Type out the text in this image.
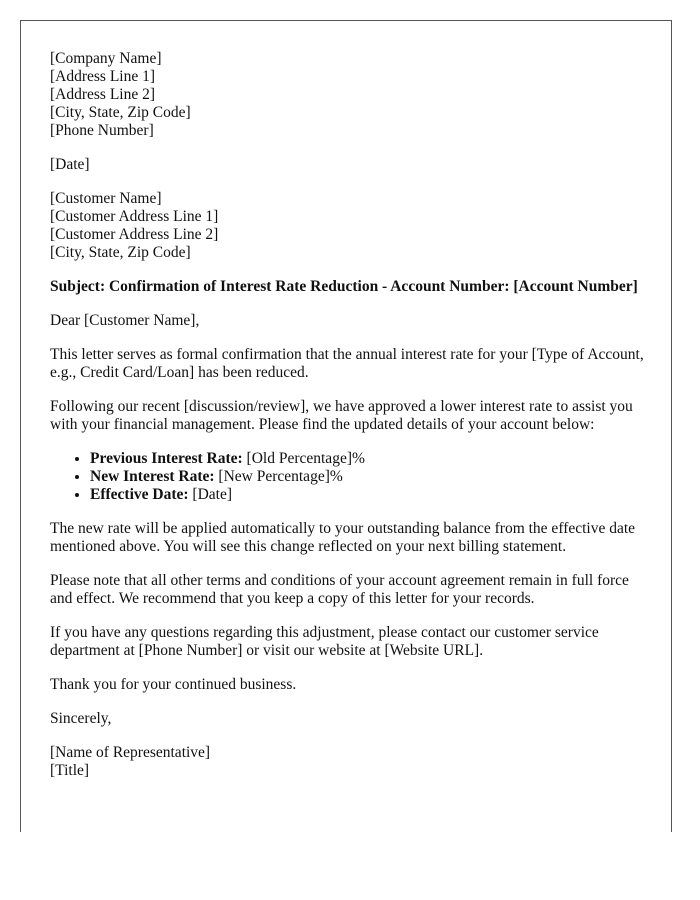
[Company Name]
[Address Line 1]
[Address Line 2]
[City, State, Zip Code]
[Phone Number]
[Date]
[Customer Name]
[Customer Address Line 1]
[Customer Address Line 2]
[City, State, Zip Code]

Subject: Confirmation of Interest Rate Reduction - Account Number: [Account Number]

Dear [Customer Name],

This letter serves as formal confirmation that the annual interest rate for your [Type of Account, e.g., Credit Card/Loan] has been reduced.

Following our recent [discussion/review], we have approved a lower interest rate to assist you with your financial management. Please find the updated details of your account below:

• Previous Interest Rate: [Old Percentage]%
• New Interest Rate: [New Percentage]%
• Effective Date: [Date]

The new rate will be applied automatically to your outstanding balance from the effective date mentioned above. You will see this change reflected on your next billing statement.

Please note that all other terms and conditions of your account agreement remain in full force and effect. We recommend that you keep a copy of this letter for your records.

If you have any questions regarding this adjustment, please contact our customer service department at [Phone Number] or visit our website at [Website URL].

Thank you for your continued business.

Sincerely,

[Name of Representative]
[Title]
